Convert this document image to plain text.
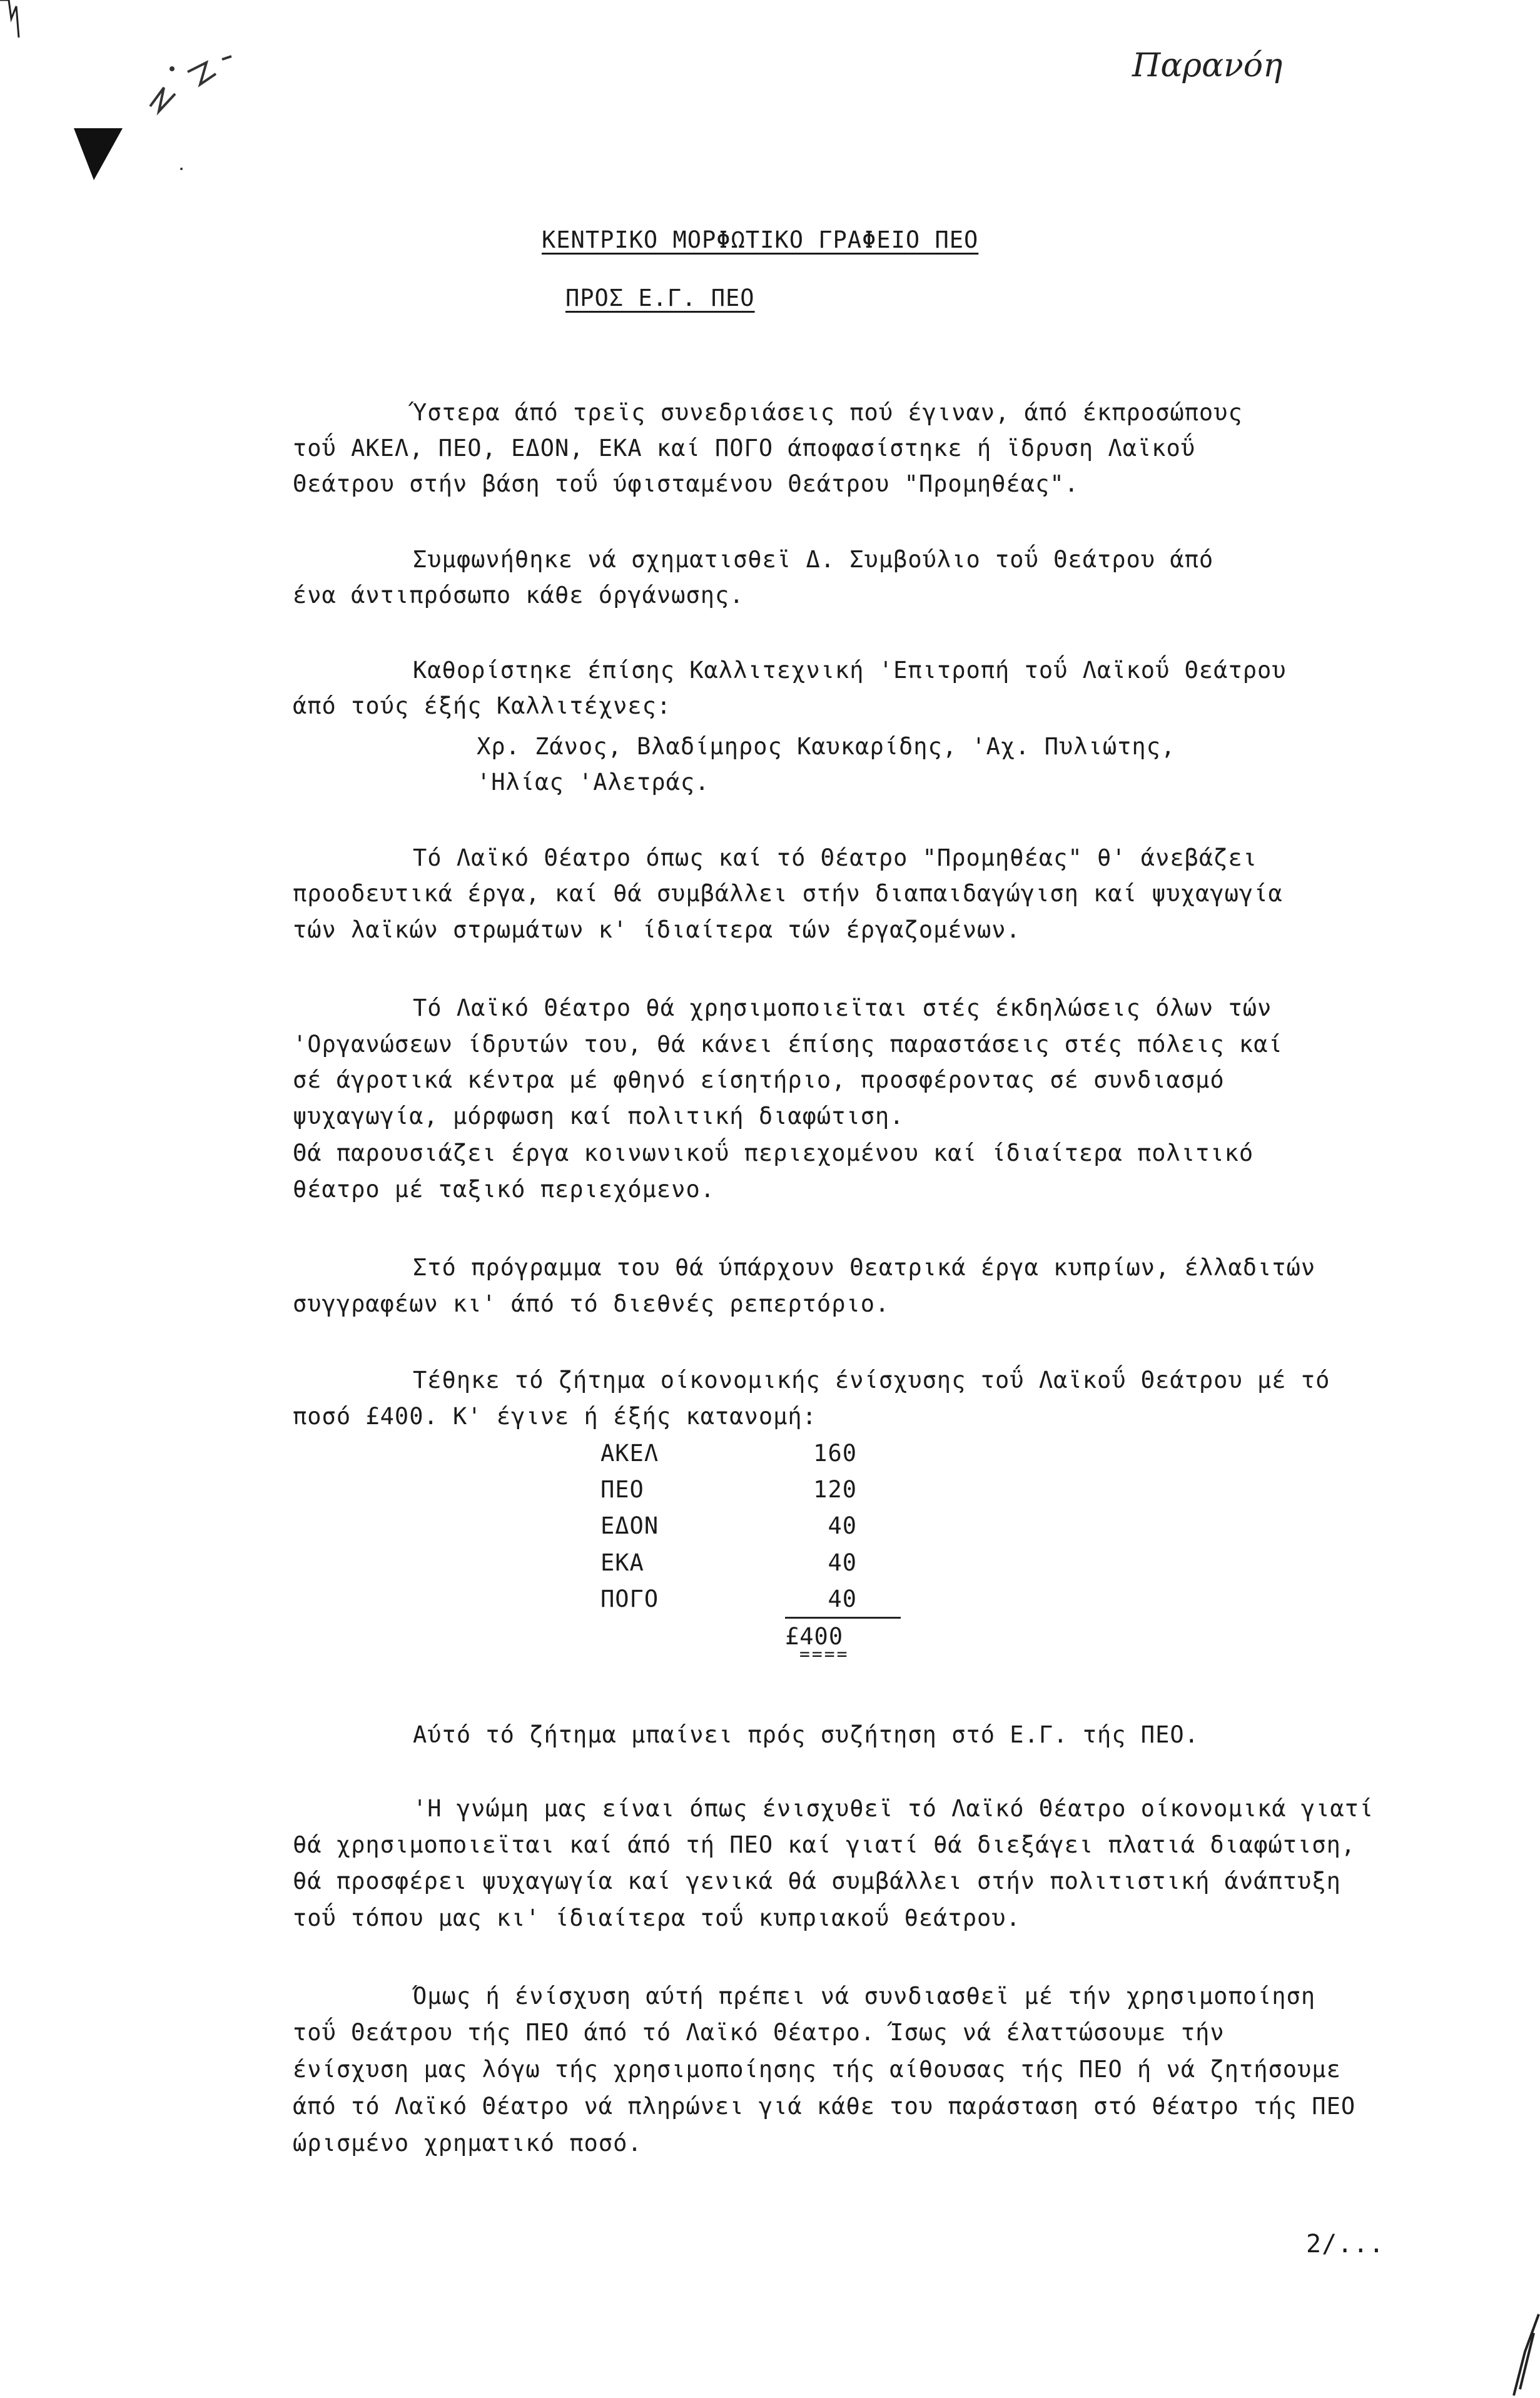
Παρανόη
ΚΕΝΤΡΙΚΟ ΜΟΡΦΩΤΙΚΟ ΓΡΑΦΕΙΟ ΠΕΟ
ΠΡΟΣ Ε.Γ. ΠΕΟ
Ύστερα άπό τρεϊς συνεδριάσεις πού έγιναν, άπό έκπροσώπους
τοΰ ΑΚΕΛ, ΠΕΟ, ΕΔΟΝ, ΕΚΑ καί ΠΟΓΟ άποφασίστηκε ή ϊδρυση Λαϊκοΰ
Θεάτρου στήν βάση τοΰ ύφισταμένου Θεάτρου "Προμηθέας".
Συμφωνήθηκε νά σχηματισθεϊ Δ. Συμβούλιο τοΰ Θεάτρου άπό
ένα άντιπρόσωπο κάθε όργάνωσης.
Καθορίστηκε έπίσης Καλλιτεχνική 'Επιτροπή τοΰ Λαϊκοΰ Θεάτρου
άπό τούς έξής Καλλιτέχνες:
Χρ. Ζάνος, Βλαδίμηρος Καυκαρίδης, 'Αχ. Πυλιώτης,
'Ηλίας 'Αλετράς.
Τό Λαϊκό Θέατρο όπως καί τό Θέατρο "Προμηθέας" θ' άνεβάζει
προοδευτικά έργα, καί θά συμβάλλει στήν διαπαιδαγώγιση καί ψυχαγωγία
τών λαϊκών στρωμάτων κ' ίδιαίτερα τών έργαζομένων.
Τό Λαϊκό Θέατρο θά χρησιμοποιεϊται στές έκδηλώσεις όλων τών
'Οργανώσεων ίδρυτών του, θά κάνει έπίσης παραστάσεις στές πόλεις καί
σέ άγροτικά κέντρα μέ φθηνό είσητήριο, προσφέροντας σέ συνδιασμό
ψυχαγωγία, μόρφωση καί πολιτική διαφώτιση.
Θά παρουσιάζει έργα κοινωνικοΰ περιεχομένου καί ίδιαίτερα πολιτικό
θέατρο μέ ταξικό περιεχόμενο.
Στό πρόγραμμα του θά ύπάρχουν Θεατρικά έργα κυπρίων, έλλαδιτών
συγγραφέων κι' άπό τό διεθνές ρεπερτόριο.
Τέθηκε τό ζήτημα οίκονομικής ένίσχυσης τοΰ Λαϊκοΰ Θεάτρου μέ τό
ποσό £400. Κ' έγινε ή έξής κατανομή:
ΑΚΕΛ	160
ΠΕΟ	120
ΕΔΟΝ	40
ΕΚΑ	40
ΠΟΓΟ	40
£400
====
Αύτό τό ζήτημα μπαίνει πρός συζήτηση στό Ε.Γ. τής ΠΕΟ.
'Η γνώμη μας είναι όπως ένισχυθεϊ τό Λαϊκό Θέατρο οίκονομικά γιατί
θά χρησιμοποιεϊται καί άπό τή ΠΕΟ καί γιατί θά διεξάγει πλατιά διαφώτιση,
θά προσφέρει ψυχαγωγία καί γενικά θά συμβάλλει στήν πολιτιστική άνάπτυξη
τοΰ τόπου μας κι' ίδιαίτερα τοΰ κυπριακοΰ θεάτρου.
Όμως ή ένίσχυση αύτή πρέπει νά συνδιασθεϊ μέ τήν χρησιμοποίηση
τοΰ Θεάτρου τής ΠΕΟ άπό τό Λαϊκό Θέατρο. Ίσως νά έλαττώσουμε τήν
ένίσχυση μας λόγω τής χρησιμοποίησης τής αίθουσας τής ΠΕΟ ή νά ζητήσουμε
άπό τό Λαϊκό Θέατρο νά πληρώνει γιά κάθε του παράσταση στό θέατρο τής ΠΕΟ
ώρισμένο χρηματικό ποσό.
2/...
